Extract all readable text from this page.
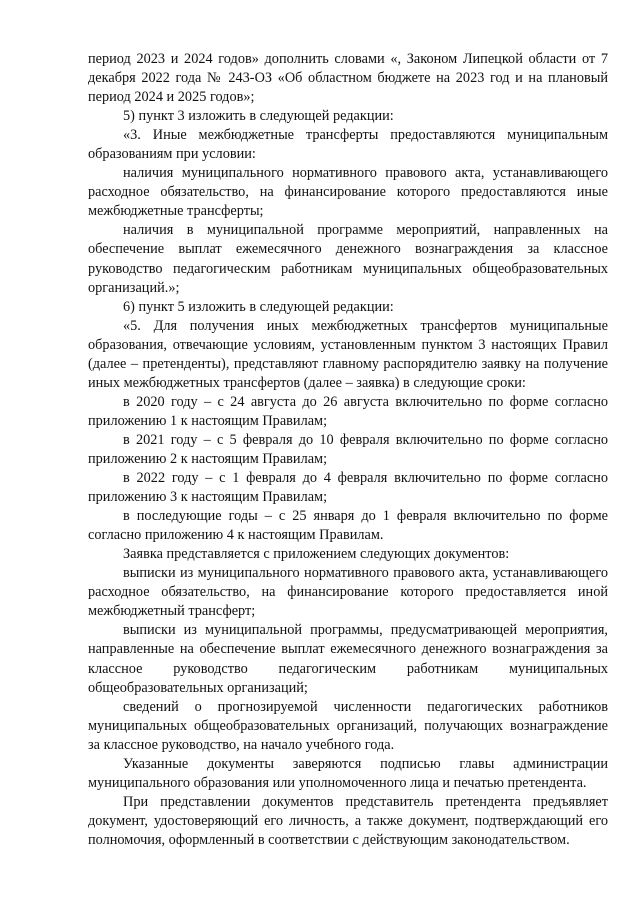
период 2023 и 2024 годов» дополнить словами «, Законом Липецкой области от 7 декабря 2022 года № 243-ОЗ «Об областном бюджете на 2023 год и на плановый период 2024 и 2025 годов»;

5) пункт 3 изложить в следующей редакции:

«3. Иные межбюджетные трансферты предоставляются муниципальным образованиям при условии:

наличия муниципального нормативного правового акта, устанавливающего расходное обязательство, на финансирование которого предоставляются иные межбюджетные трансферты;

наличия в муниципальной программе мероприятий, направленных на обеспечение выплат ежемесячного денежного вознаграждения за классное руководство педагогическим работникам муниципальных общеобразовательных организаций.»;

6) пункт 5 изложить в следующей редакции:

«5. Для получения иных межбюджетных трансфертов муниципальные образования, отвечающие условиям, установленным пунктом 3 настоящих Правил (далее – претенденты), представляют главному распорядителю заявку на получение иных межбюджетных трансфертов (далее – заявка) в следующие сроки:

в 2020 году – с 24 августа до 26 августа включительно по форме согласно приложению 1 к настоящим Правилам;

в 2021 году – с 5 февраля до 10 февраля включительно по форме согласно приложению 2 к настоящим Правилам;

в 2022 году – с 1 февраля до 4 февраля включительно по форме согласно приложению 3 к настоящим Правилам;

в последующие годы – с 25 января до 1 февраля включительно по форме согласно приложению 4 к настоящим Правилам.

Заявка представляется с приложением следующих документов:

выписки из муниципального нормативного правового акта, устанавливающего расходное обязательство, на финансирование которого предоставляется иной межбюджетный трансферт;

выписки из муниципальной программы, предусматривающей мероприятия, направленные на обеспечение выплат ежемесячного денежного вознаграждения за классное руководство педагогическим работникам муниципальных общеобразовательных организаций;

сведений о прогнозируемой численности педагогических работников муниципальных общеобразовательных организаций, получающих вознаграждение за классное руководство, на начало учебного года.

Указанные документы заверяются подписью главы администрации муниципального образования или уполномоченного лица и печатью претендента.

При представлении документов представитель претендента предъявляет документ, удостоверяющий его личность, а также документ, подтверждающий его полномочия, оформленный в соответствии с действующим законодательством.
